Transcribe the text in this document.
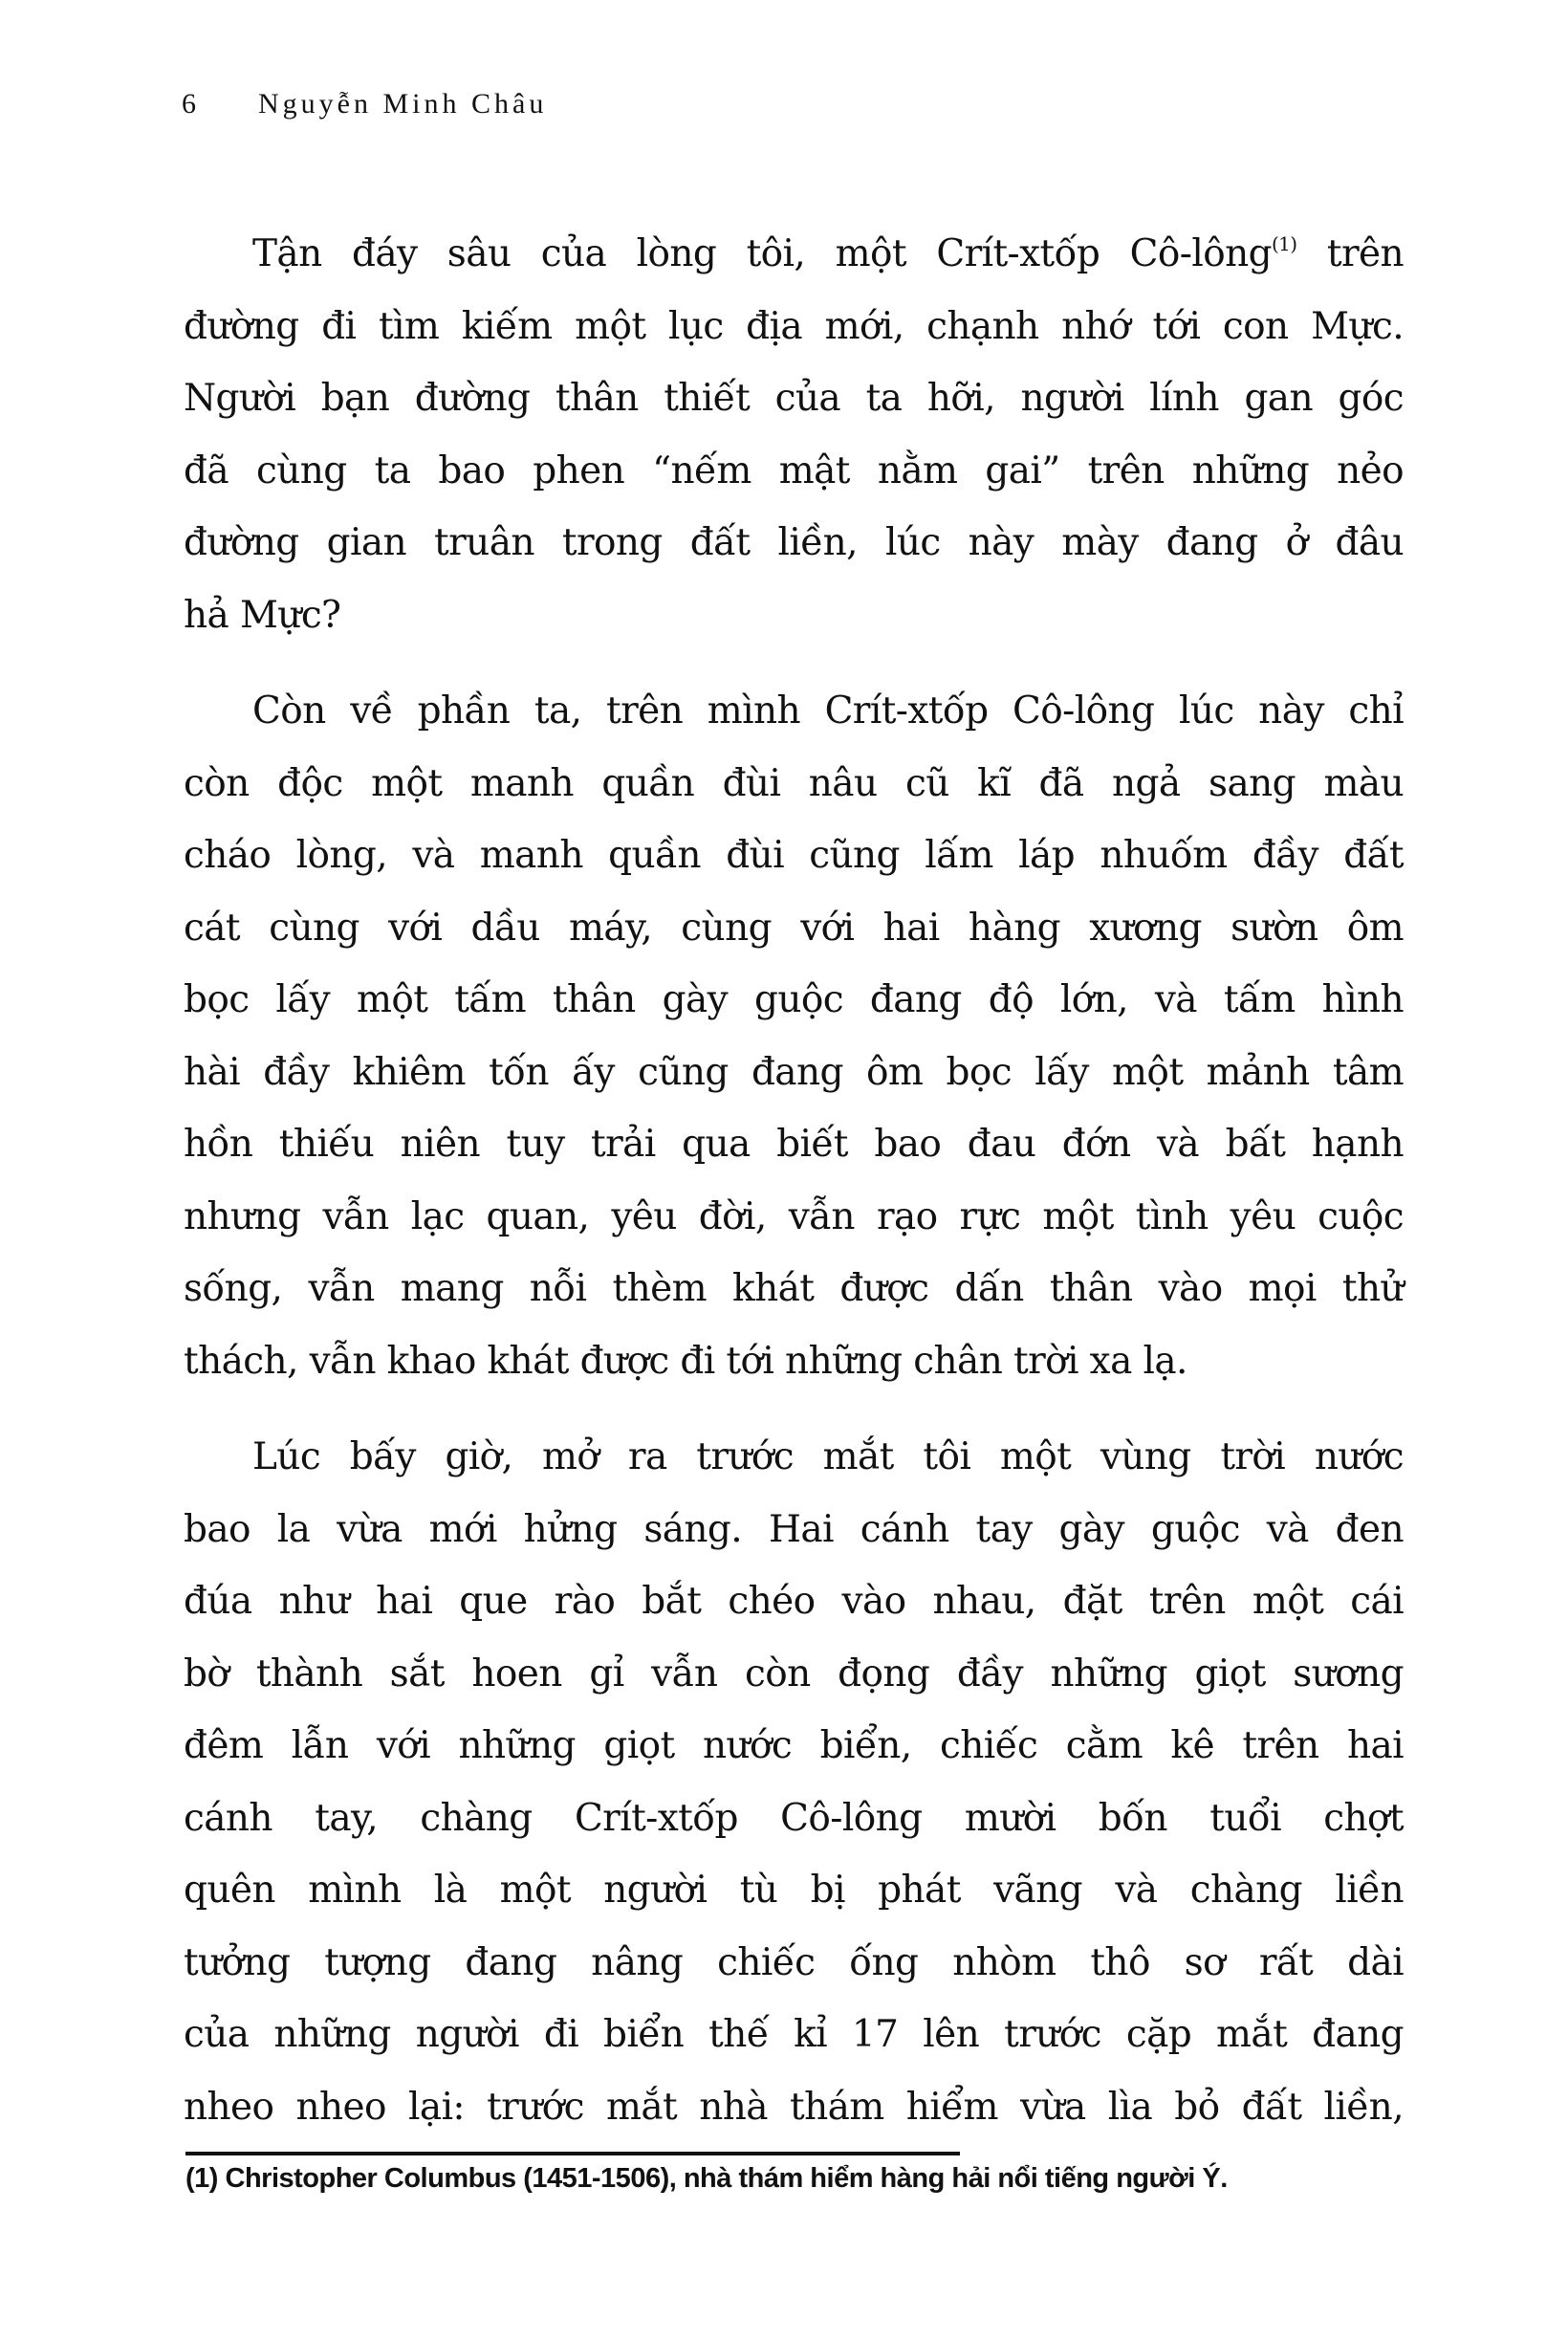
6 Nguyễn Minh Châu
Tận đáy sâu của lòng tôi, một Crít-xtốp Cô-lông$^{(1)}$ trên
đường đi tìm kiếm một lục địa mới, chạnh nhớ tới con Mực.
Người bạn đường thân thiết của ta hỡi, người lính gan góc
đã cùng ta bao phen “nếm mật nằm gai” trên những nẻo
đường gian truân trong đất liền, lúc này mày đang ở đâu
hả Mực?
Còn về phần ta, trên mình Crít-xtốp Cô-lông lúc này chỉ
còn độc một manh quần đùi nâu cũ kĩ đã ngả sang màu
cháo lòng, và manh quần đùi cũng lấm láp nhuốm đầy đất
cát cùng với dầu máy, cùng với hai hàng xương sườn ôm
bọc lấy một tấm thân gày guộc đang độ lớn, và tấm hình
hài đầy khiêm tốn ấy cũng đang ôm bọc lấy một mảnh tâm
hồn thiếu niên tuy trải qua biết bao đau đớn và bất hạnh
nhưng vẫn lạc quan, yêu đời, vẫn rạo rực một tình yêu cuộc
sống, vẫn mang nỗi thèm khát được dấn thân vào mọi thử
thách, vẫn khao khát được đi tới những chân trời xa lạ.
Lúc bấy giờ, mở ra trước mắt tôi một vùng trời nước
bao la vừa mới hửng sáng. Hai cánh tay gày guộc và đen
đúa như hai que rào bắt chéo vào nhau, đặt trên một cái
bờ thành sắt hoen gỉ vẫn còn đọng đầy những giọt sương
đêm lẫn với những giọt nước biển, chiếc cằm kê trên hai
cánh tay, chàng Crít-xtốp Cô-lông mười bốn tuổi chợt
quên mình là một người tù bị phát vãng và chàng liền
tưởng tượng đang nâng chiếc ống nhòm thô sơ rất dài
của những người đi biển thế kỉ 17 lên trước cặp mắt đang
nheo nheo lại: trước mắt nhà thám hiểm vừa lìa bỏ đất liền,
(1) Christopher Columbus (1451-1506), nhà thám hiểm hàng hải nổi tiếng người Ý.
